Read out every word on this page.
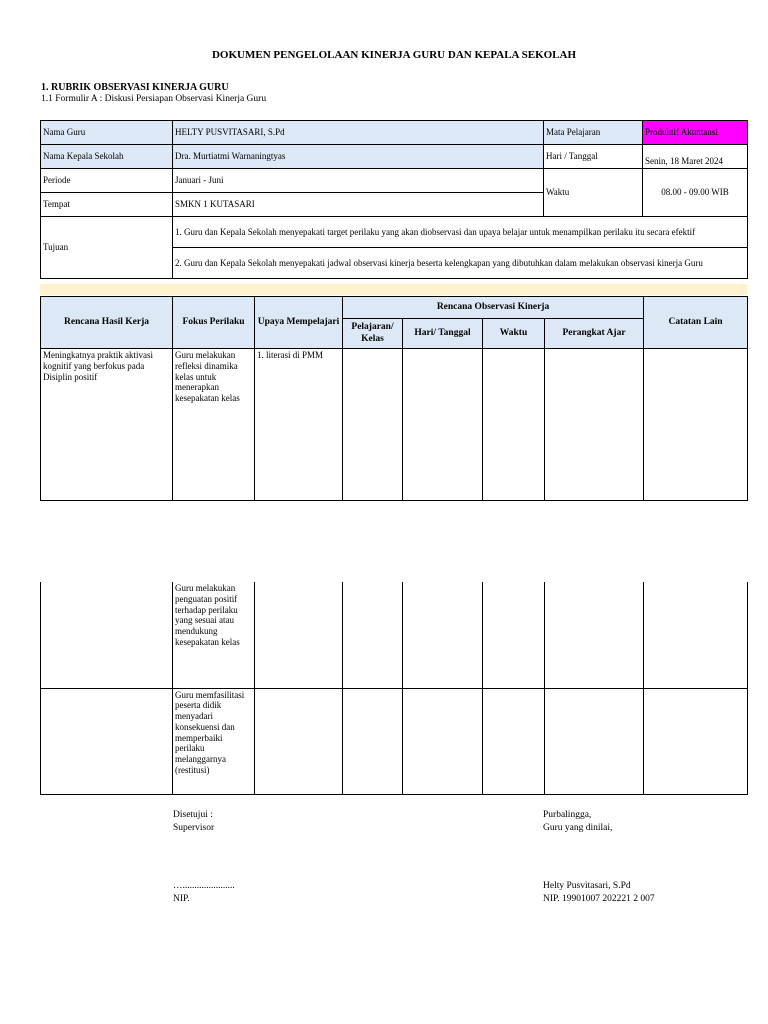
DOKUMEN PENGELOLAAN KINERJA GURU DAN KEPALA SEKOLAH
1. RUBRIK OBSERVASI KINERJA GURU
1.1 Formulir A : Diskusi Persiapan Observasi Kinerja Guru
Nama Guru	HELTY PUSVITASARI, S.Pd	Mata Pelajaran	Produktif Akuntansi
Nama Kepala Sekolah	Dra. Murtiatmi Warnaningtyas	Hari / Tanggal	Senin, 18 Maret 2024
Periode	Januari - Juni	Waktu	08.00 - 09.00 WIB
Tempat	SMKN 1 KUTASARI		
Tujuan	1. Guru dan Kepala Sekolah menyepakati target perilaku yang akan diobservasi dan upaya belajar untuk menampilkan perilaku itu secara efektif		
	2. Guru dan Kepala Sekolah menyepakati jadwal observasi kinerja beserta kelengkapan yang dibutuhkan dalam melakukan observasi kinerja Guru		
Rencana Hasil Kerja	Fokus Perilaku	Upaya Mempelajari	Rencana Observasi Kinerja				Catatan Lain
			Pelajaran/ Kelas	Hari/ Tanggal	Waktu	Perangkat Ajar	
Meningkatnya praktik aktivasi kognitif yang berfokus pada Disiplin positif	Guru melakukan refleksi dinamika kelas untuk menerapkan kesepakatan kelas	1. literasi di PMM					
	Guru melakukan penguatan positif terhadap perilaku yang sesuai atau mendukung kesepakatan kelas						
	Guru memfasilitasi peserta didik menyadari konsekuensi dan memperbaiki perilaku melanggarnya (restitusi)						
Disetujui :
Supervisor
…......................
NIP.
Purbalingga,
Guru yang dinilai,
Helty Pusvitasari, S.Pd
NIP. 19901007 202221 2 007
